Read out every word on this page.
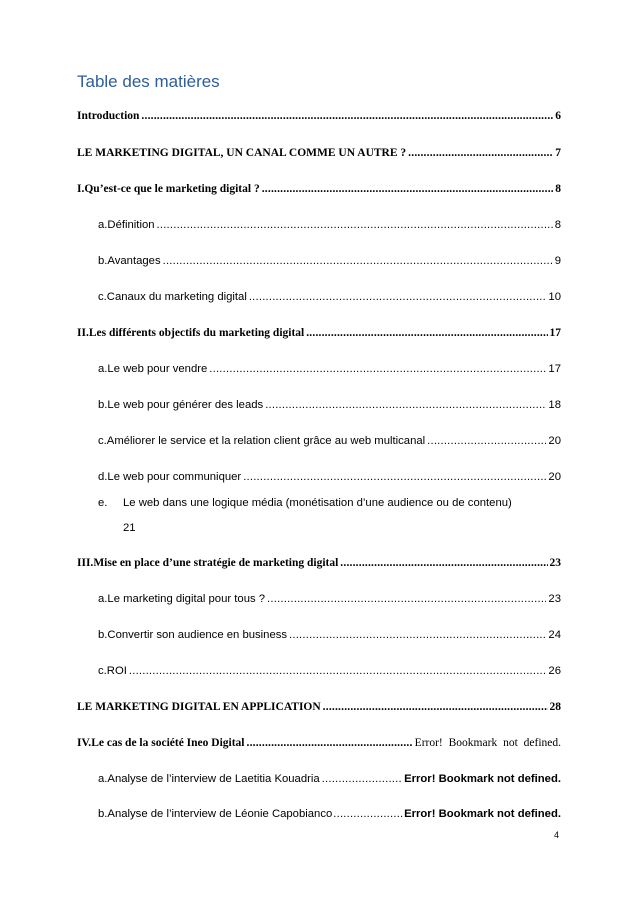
Table des matières
Introduction .....	6
LE MARKETING DIGITAL, UN CANAL COMME UN AUTRE ? .....	7
I. Qu’est-ce que le marketing digital ? .....	8
a. Définition .....	8
b. Avantages .....	9
c. Canaux du marketing digital .....	10
II. Les différents objectifs du marketing digital .....	17
a. Le web pour vendre .....	17
b. Le web pour générer des leads .....	18
c. Améliorer le service et la relation client grâce au web multicanal .....	20
d. Le web pour communiquer .....	20
e.	Le web dans une logique média (monétisation d’une audience ou de contenu)
21
III. Mise en place d’une stratégie de marketing digital .....	23
a. Le marketing digital pour tous ? .....	23
b. Convertir son audience en business .....	24
c. ROI .....	26
LE MARKETING DIGITAL EN APPLICATION .....	28
IV. Le cas de la société Ineo Digital .....	Error! Bookmark not defined.
a. Analyse de l’interview de Laetitia Kouadria .....	Error! Bookmark not defined.
b. Analyse de l’interview de Léonie Capobianco .....	Error! Bookmark not defined.
4
